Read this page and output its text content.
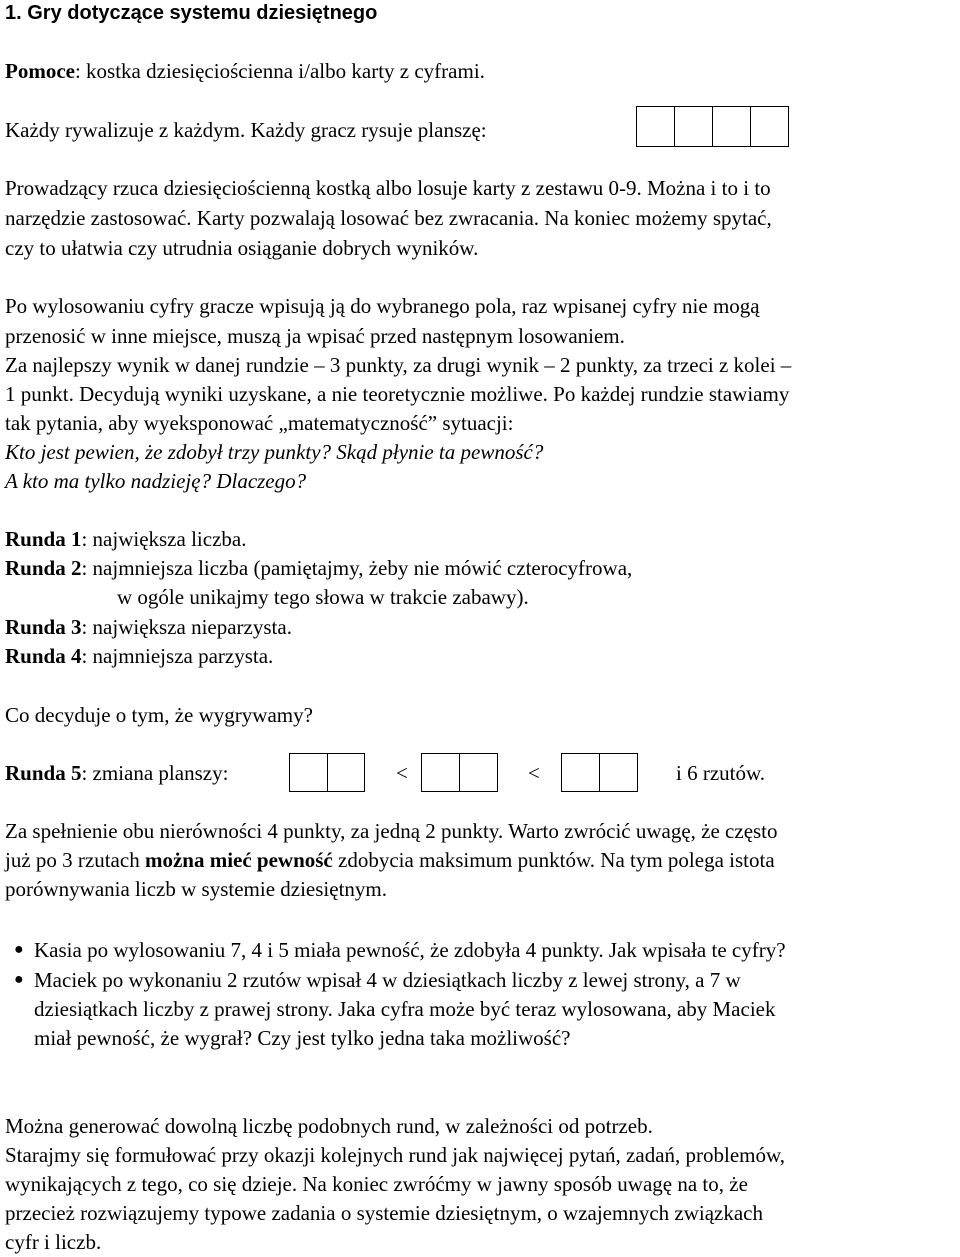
1. Gry dotyczące systemu dziesiętnego
Pomoce: kostka dziesięciościenna i/albo karty z cyframi.
Każdy rywalizuje z każdym. Każdy gracz rysuje planszę:
Prowadzący rzuca dziesięciościenną kostką albo losuje karty z zestawu 0-9. Można i to i to
narzędzie zastosować. Karty pozwalają losować bez zwracania. Na koniec możemy spytać,
czy to ułatwia czy utrudnia osiąganie dobrych wyników.
Po wylosowaniu cyfry gracze wpisują ją do wybranego pola, raz wpisanej cyfry nie mogą
przenosić w inne miejsce, muszą ja wpisać przed następnym losowaniem.
Za najlepszy wynik w danej rundzie – 3 punkty, za drugi wynik – 2 punkty, za trzeci z kolei –
1 punkt. Decydują wyniki uzyskane, a nie teoretycznie możliwe. Po każdej rundzie stawiamy
tak pytania, aby wyeksponować „matematyczność” sytuacji:
Kto jest pewien, że zdobył trzy punkty? Skąd płynie ta pewność?
A kto ma tylko nadzieję? Dlaczego?
Runda 1: największa liczba.
Runda 2: najmniejsza liczba (pamiętajmy, żeby nie mówić czterocyfrowa,
w ogóle unikajmy tego słowa w trakcie zabawy).
Runda 3: największa nieparzysta.
Runda 4: najmniejsza parzysta.
Co decyduje o tym, że wygrywamy?
Runda 5: zmiana planszy:	<	<	i 6 rzutów.
Za spełnienie obu nierówności 4 punkty, za jedną 2 punkty. Warto zwrócić uwagę, że często
już po 3 rzutach można mieć pewność zdobycia maksimum punktów. Na tym polega istota
porównywania liczb w systemie dziesiętnym.
● Kasia po wylosowaniu 7, 4 i 5 miała pewność, że zdobyła 4 punkty. Jak wpisała te cyfry?
● Maciek po wykonaniu 2 rzutów wpisał 4 w dziesiątkach liczby z lewej strony, a 7 w
dziesiątkach liczby z prawej strony. Jaka cyfra może być teraz wylosowana, aby Maciek
miał pewność, że wygrał? Czy jest tylko jedna taka możliwość?
Można generować dowolną liczbę podobnych rund, w zależności od potrzeb.
Starajmy się formułować przy okazji kolejnych rund jak najwięcej pytań, zadań, problemów,
wynikających z tego, co się dzieje. Na koniec zwróćmy w jawny sposób uwagę na to, że
przecież rozwiązujemy typowe zadania o systemie dziesiętnym, o wzajemnych związkach
cyfr i liczb.
